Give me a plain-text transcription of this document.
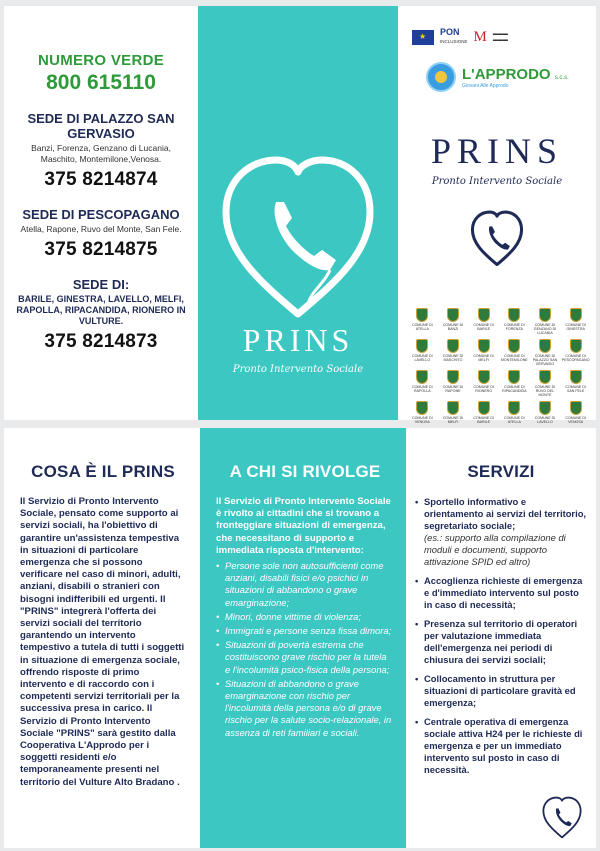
NUMERO VERDE
800 615110
SEDE DI PALAZZO SAN GERVASIO
Banzi, Forenza, Genzano di Lucania, Maschito, Montemilone,Venosa.
375 8214874
SEDE DI PESCOPAGANO
Atella, Rapone, Ruvo del Monte, San Fele.
375 8214875
SEDE DI:
BARILE, GINESTRA, LAVELLO, MELFI, RAPOLLA, RIPACANDIDA, RIONERO IN VULTURE.
375 8214873	PRINS
Pronto Intervento Sociale
★
PON
INCLUSIONE M ▬▬▬
▬▬▬
L'APPRODO s.c.s.
Giovani Alle Approdo
PRINS
Pronto Intervento Sociale
COMUNE DI ATELLA
COMUNE DI BANZI
COMUNE DI BARILE
COMUNE DI FORENZA
COMUNE DI GENZANO DI LUCANIA
COMUNE DI GINESTRA
COMUNE DI LAVELLO
COMUNE DI MASCHITO
COMUNE DI MELFI
COMUNE DI MONTEMILONE
COMUNE DI PALAZZO SAN GERVASIO
COMUNE DI PESCOPAGANO
COMUNE DI RAPOLLA
COMUNE DI RAPONE
COMUNE DI RIONERO
COMUNE DI RIPACANDIDA
COMUNE DI RUVO DEL MONTE
COMUNE DI SAN FELE
COMUNE DI VENOSA
COMUNE DI MELFI
COMUNE DI BARILE
COMUNE DI ATELLA
COMUNE DI LAVELLO
COMUNE DI VENOSA
COSA È IL PRINS
Il Servizio di Pronto Intervento Sociale, pensato come supporto ai servizi sociali, ha l'obiettivo di garantire un'assistenza tempestiva in situazioni di particolare emergenza che si possono verificare nel caso di minori, adulti, anziani, disabili o stranieri con bisogni indifferibili ed urgenti. Il "PRINS" integrerà l'offerta dei servizi sociali del territorio garantendo un intervento tempestivo a tutela di tutti i soggetti in situazione di emergenza sociale, offrendo risposte di primo intervento e di raccordo con i competenti servizi territoriali per la successiva presa in carico. Il Servizio di Pronto Intervento Sociale "PRINS" sarà gestito dalla Cooperativa L'Approdo per i soggetti residenti e/o temporaneamente presenti nel territorio del Vulture Alto Bradano .
A CHI SI RIVOLGE
Il Servizio di Pronto Intervento Sociale è rivolto ai cittadini che si trovano a fronteggiare situazioni di emergenza, che necessitano di supporto e immediata risposta d'intervento:
• Persone sole non autosufficienti come anziani, disabili fisici e/o psichici in situazioni di abbandono o grave emarginazione;
• Minori, donne vittime di violenza;
• Immigrati e persone senza fissa dimora;
• Situazioni di povertà estrema che costituiscono grave rischio per la tutela e l'incolumità psico-fisica della persona;
• Situazioni di abbandono o grave emarginazione con rischio per l'incolumità della persona e/o di grave rischio per la salute socio-relazionale, in assenza di reti familiari e sociali.
SERVIZI
• Sportello informativo e orientamento ai servizi del territorio, segretariato sociale;
(es.: supporto alla compilazione di moduli e documenti, supporto attivazione SPID ed altro)
• Accoglienza richieste di emergenza e d'immediato intervento sul posto in caso di necessità;
• Presenza sul territorio di operatori per valutazione immediata dell'emergenza nei periodi di chiusura dei servizi sociali;
• Collocamento in struttura per situazioni di particolare gravità ed emergenza;
• Centrale operativa di emergenza sociale attiva H24 per le richieste di emergenza e per un immediato intervento sul posto in caso di necessità.
